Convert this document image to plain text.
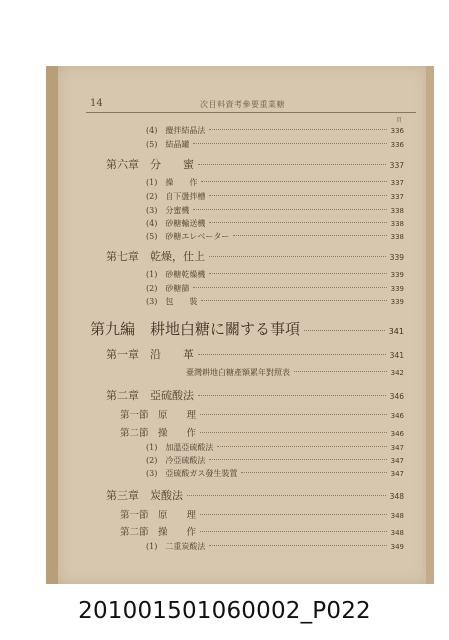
14	次目料資考參要重業糖
頁
(4)　攪拌結晶法	336
(5)　結晶罐	336
第六章　分　　蜜	337
(1)　操　　作	337
(2)　自下盪拌槽	337
(3)　分蜜機	338
(4)　砂糖輸送機	338
(5)　砂糖エレベーター	338
第七章　乾燥，仕上	339
(1)　砂糖乾燥機	339
(2)　砂糖篩	339
(3)　包　　裝	339
第九編　耕地白糖に關する事項	341
第一章　沿　　革	341
臺灣耕地白糖產額累年對照表	342
第二章　亞硫酸法	346
第一節　原　　理	346
第二節　操　　作	346
(1)　加溫亞硫酸法	347
(2)　冷亞硫酸法	347
(3)　亞硫酸ガス發生裝置	347
第三章　炭酸法	348
第一節　原　　理	348
第二節　操　　作	348
(1)　二重炭酸法	349
201001501060002_P022
